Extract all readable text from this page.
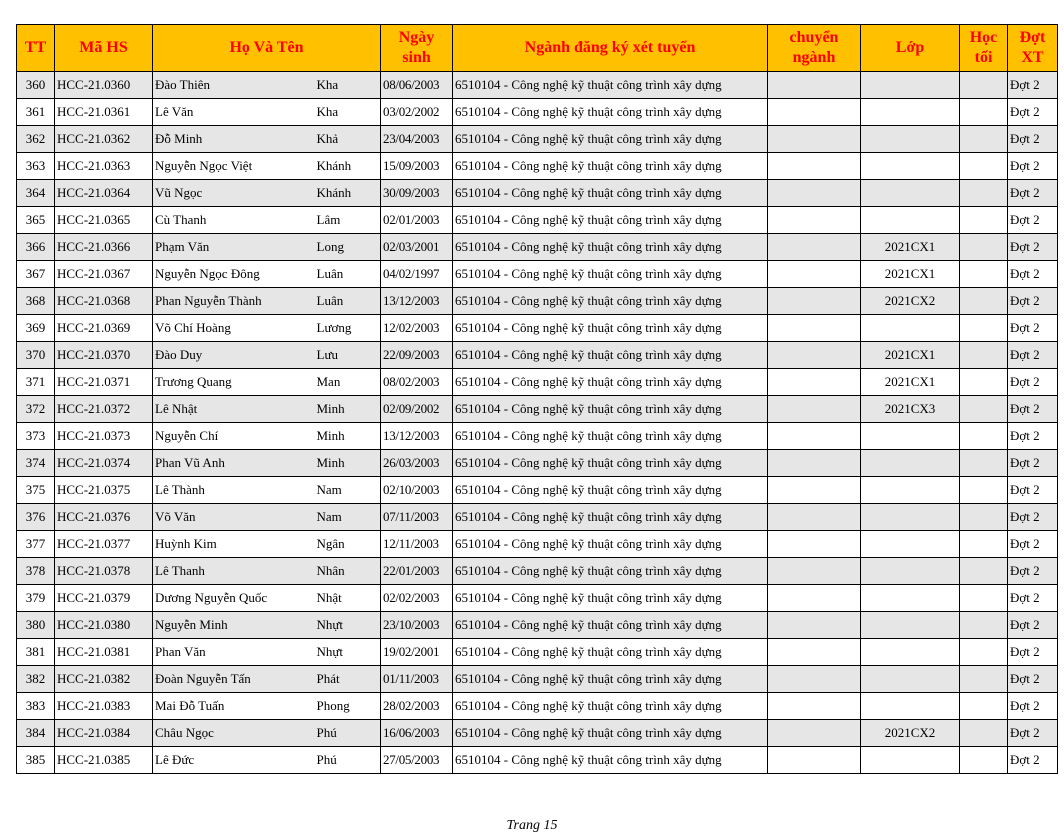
TT	Mã HS	Họ Và Tên		Ngày sinh	Ngành đăng ký xét tuyển	chuyển ngành	Lớp	Học tối	Đợt XT
360	HCC-21.0360	Đào Thiên	Kha	08/06/2003	6510104 - Công nghệ kỹ thuật công trình xây dựng				Đợt 2
361	HCC-21.0361	Lê Văn	Kha	03/02/2002	6510104 - Công nghệ kỹ thuật công trình xây dựng				Đợt 2
362	HCC-21.0362	Đỗ Minh	Khả	23/04/2003	6510104 - Công nghệ kỹ thuật công trình xây dựng				Đợt 2
363	HCC-21.0363	Nguyễn Ngọc Việt	Khánh	15/09/2003	6510104 - Công nghệ kỹ thuật công trình xây dựng				Đợt 2
364	HCC-21.0364	Vũ Ngọc	Khánh	30/09/2003	6510104 - Công nghệ kỹ thuật công trình xây dựng				Đợt 2
365	HCC-21.0365	Cù Thanh	Lâm	02/01/2003	6510104 - Công nghệ kỹ thuật công trình xây dựng				Đợt 2
366	HCC-21.0366	Phạm Văn	Long	02/03/2001	6510104 - Công nghệ kỹ thuật công trình xây dựng		2021CX1		Đợt 2
367	HCC-21.0367	Nguyễn Ngọc Đông	Luân	04/02/1997	6510104 - Công nghệ kỹ thuật công trình xây dựng		2021CX1		Đợt 2
368	HCC-21.0368	Phan Nguyễn Thành	Luân	13/12/2003	6510104 - Công nghệ kỹ thuật công trình xây dựng		2021CX2		Đợt 2
369	HCC-21.0369	Võ Chí Hoàng	Lương	12/02/2003	6510104 - Công nghệ kỹ thuật công trình xây dựng				Đợt 2
370	HCC-21.0370	Đào Duy	Lưu	22/09/2003	6510104 - Công nghệ kỹ thuật công trình xây dựng		2021CX1		Đợt 2
371	HCC-21.0371	Trương Quang	Man	08/02/2003	6510104 - Công nghệ kỹ thuật công trình xây dựng		2021CX1		Đợt 2
372	HCC-21.0372	Lê Nhật	Minh	02/09/2002	6510104 - Công nghệ kỹ thuật công trình xây dựng		2021CX3		Đợt 2
373	HCC-21.0373	Nguyễn Chí	Minh	13/12/2003	6510104 - Công nghệ kỹ thuật công trình xây dựng				Đợt 2
374	HCC-21.0374	Phan Vũ Anh	Minh	26/03/2003	6510104 - Công nghệ kỹ thuật công trình xây dựng				Đợt 2
375	HCC-21.0375	Lê Thành	Nam	02/10/2003	6510104 - Công nghệ kỹ thuật công trình xây dựng				Đợt 2
376	HCC-21.0376	Võ Văn	Nam	07/11/2003	6510104 - Công nghệ kỹ thuật công trình xây dựng				Đợt 2
377	HCC-21.0377	Huỳnh Kim	Ngân	12/11/2003	6510104 - Công nghệ kỹ thuật công trình xây dựng				Đợt 2
378	HCC-21.0378	Lê Thanh	Nhân	22/01/2003	6510104 - Công nghệ kỹ thuật công trình xây dựng				Đợt 2
379	HCC-21.0379	Dương Nguyễn Quốc	Nhật	02/02/2003	6510104 - Công nghệ kỹ thuật công trình xây dựng				Đợt 2
380	HCC-21.0380	Nguyễn Minh	Nhựt	23/10/2003	6510104 - Công nghệ kỹ thuật công trình xây dựng				Đợt 2
381	HCC-21.0381	Phan Văn	Nhựt	19/02/2001	6510104 - Công nghệ kỹ thuật công trình xây dựng				Đợt 2
382	HCC-21.0382	Đoàn Nguyễn Tấn	Phát	01/11/2003	6510104 - Công nghệ kỹ thuật công trình xây dựng				Đợt 2
383	HCC-21.0383	Mai Đỗ Tuấn	Phong	28/02/2003	6510104 - Công nghệ kỹ thuật công trình xây dựng				Đợt 2
384	HCC-21.0384	Châu Ngọc	Phú	16/06/2003	6510104 - Công nghệ kỹ thuật công trình xây dựng		2021CX2		Đợt 2
385	HCC-21.0385	Lê Đức	Phú	27/05/2003	6510104 - Công nghệ kỹ thuật công trình xây dựng				Đợt 2
Trang 15
